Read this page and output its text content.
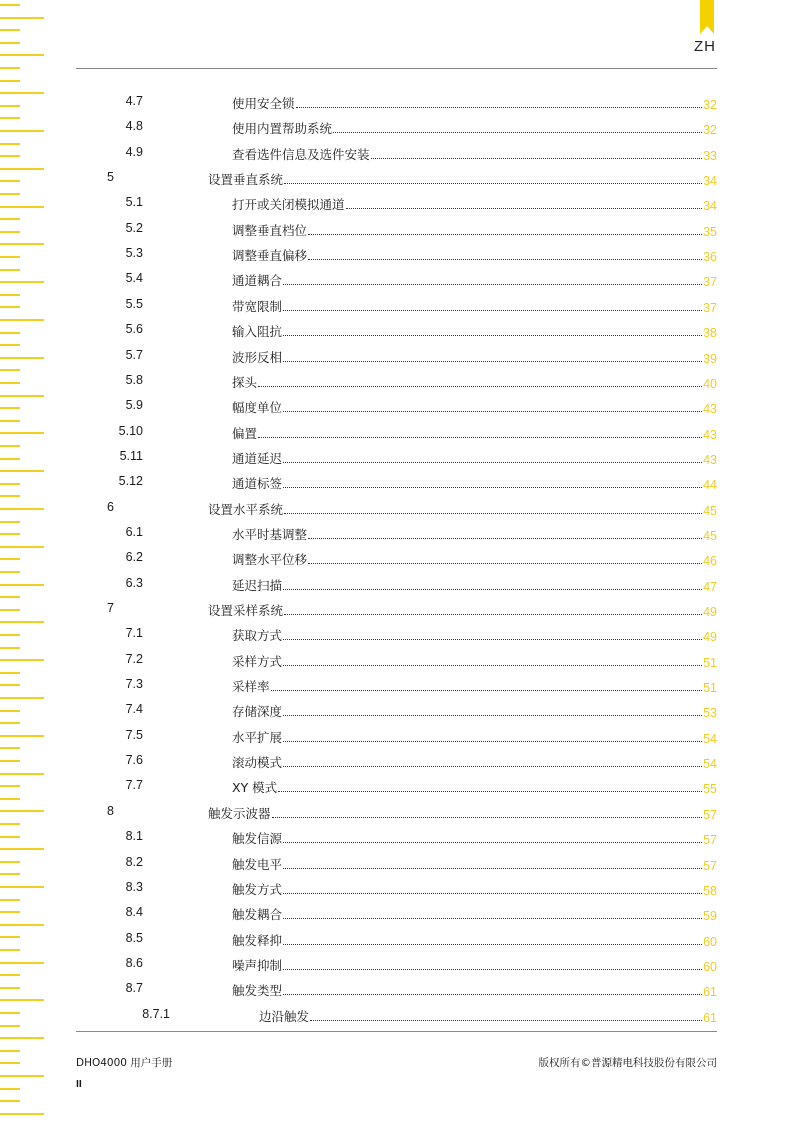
ZH
4.7	使用安全锁	32
4.8	使用内置帮助系统	32
4.9	查看选件信息及选件安装	33
5	设置垂直系统	34
5.1	打开或关闭模拟通道	34
5.2	调整垂直档位	35
5.3	调整垂直偏移	36
5.4	通道耦合	37
5.5	带宽限制	37
5.6	输入阻抗	38
5.7	波形反相	39
5.8	探头	40
5.9	幅度单位	43
5.10	偏置	43
5.11	通道延迟	43
5.12	通道标签	44
6	设置水平系统	45
6.1	水平时基调整	45
6.2	调整水平位移	46
6.3	延迟扫描	47
7	设置采样系统	49
7.1	获取方式	49
7.2	采样方式	51
7.3	采样率	51
7.4	存储深度	53
7.5	水平扩展	54
7.6	滚动模式	54
7.7	XY 模式	55
8	触发示波器	57
8.1	触发信源	57
8.2	触发电平	57
8.3	触发方式	58
8.4	触发耦合	59
8.5	触发释抑	60
8.6	噪声抑制	60
8.7	触发类型	61
8.7.1	边沿触发	61
DHO4000 用户手册	版权所有©普源精电科技股份有限公司
II
